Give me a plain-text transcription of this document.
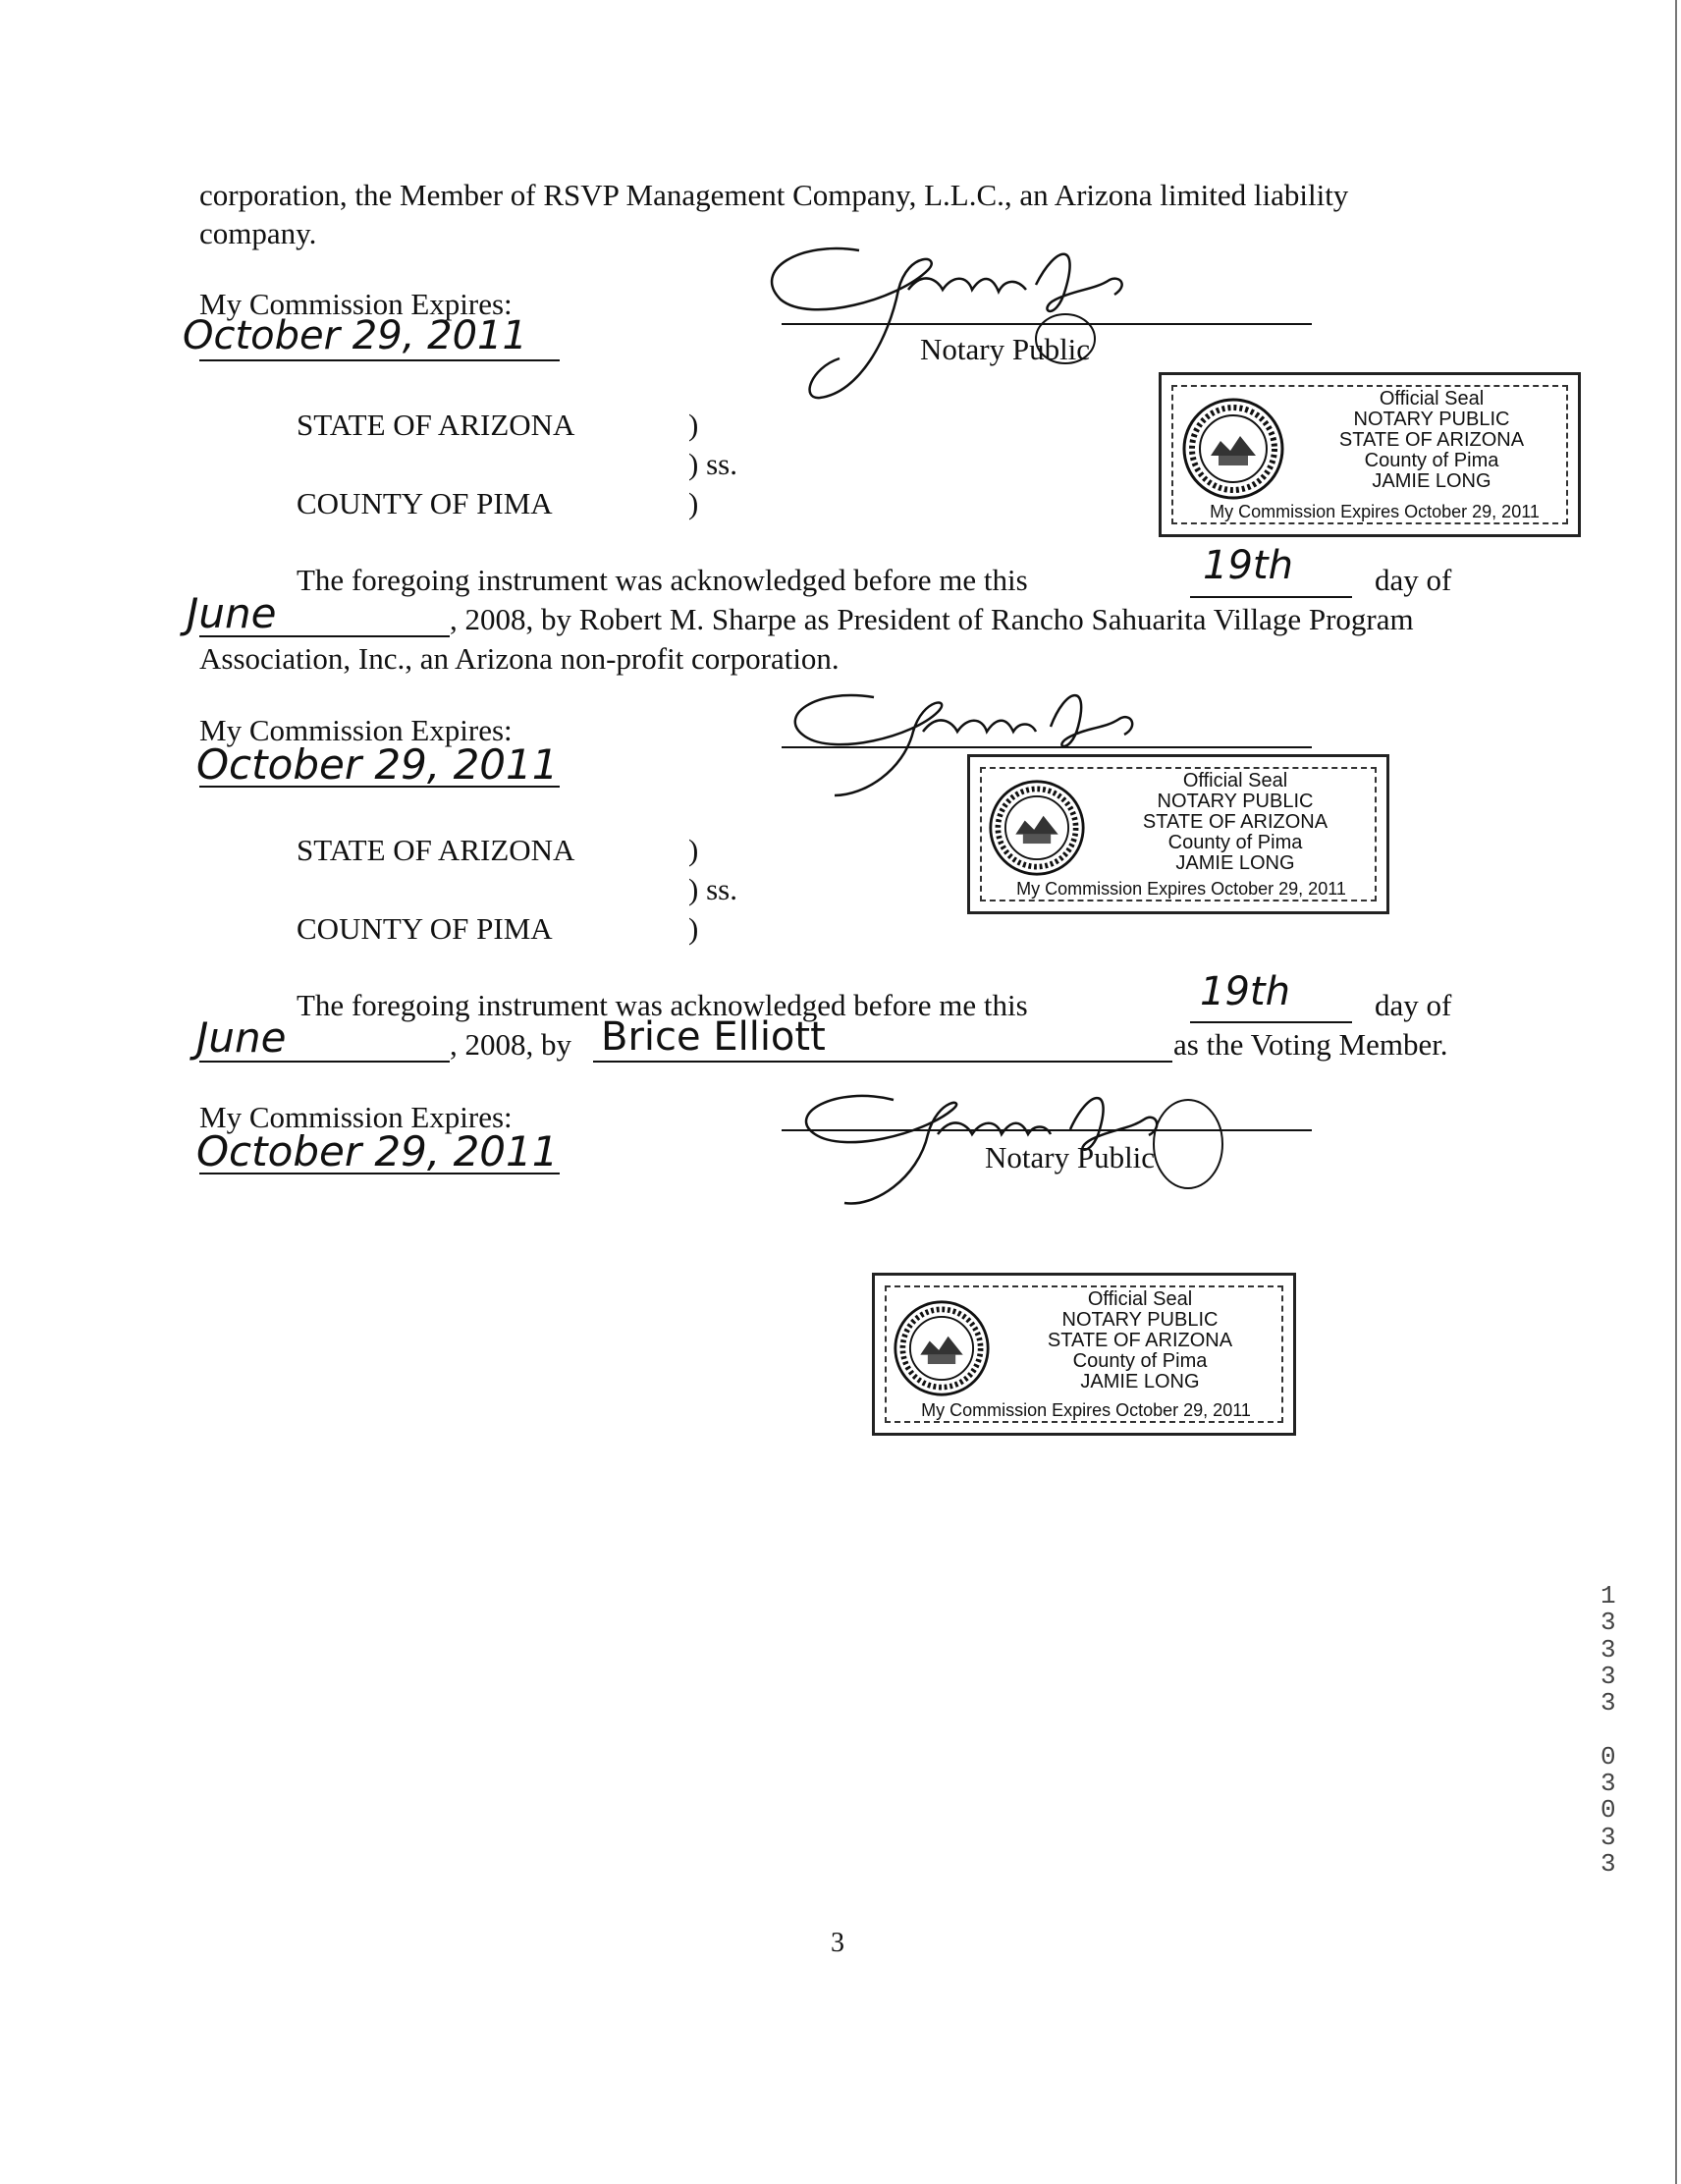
corporation, the Member of RSVP Management Company, L.L.C., an Arizona limited liability
company.
My Commission Expires:
October 29, 2011	Notary Public
Official Seal
NOTARY PUBLIC
STATE OF ARIZONA
County of Pima
JAMIE LONG
My Commission Expires October 29, 2011
STATE OF ARIZONA	)
) ss.
COUNTY OF PIMA	)
The foregoing instrument was acknowledged before me this	19th	day of
June	, 2008, by Robert M. Sharpe as President of Rancho Sahuarita Village Program
Association, Inc., an Arizona non-profit corporation.
My Commission Expires:
October 29, 2011	Official Seal
NOTARY PUBLIC
STATE OF ARIZONA
County of Pima
JAMIE LONG
My Commission Expires October 29, 2011
STATE OF ARIZONA	)
) ss.
COUNTY OF PIMA	)
The foregoing instrument was acknowledged before me this	19th	day of
June	, 2008, by Brice Elliott	as the Voting Member.
My Commission Expires:
October 29, 2011	Notary Public
Official Seal
NOTARY PUBLIC
STATE OF ARIZONA
County of Pima
JAMIE LONG
My Commission Expires October 29, 2011
1
3
3
3
3

0
3
0
3
3
3
